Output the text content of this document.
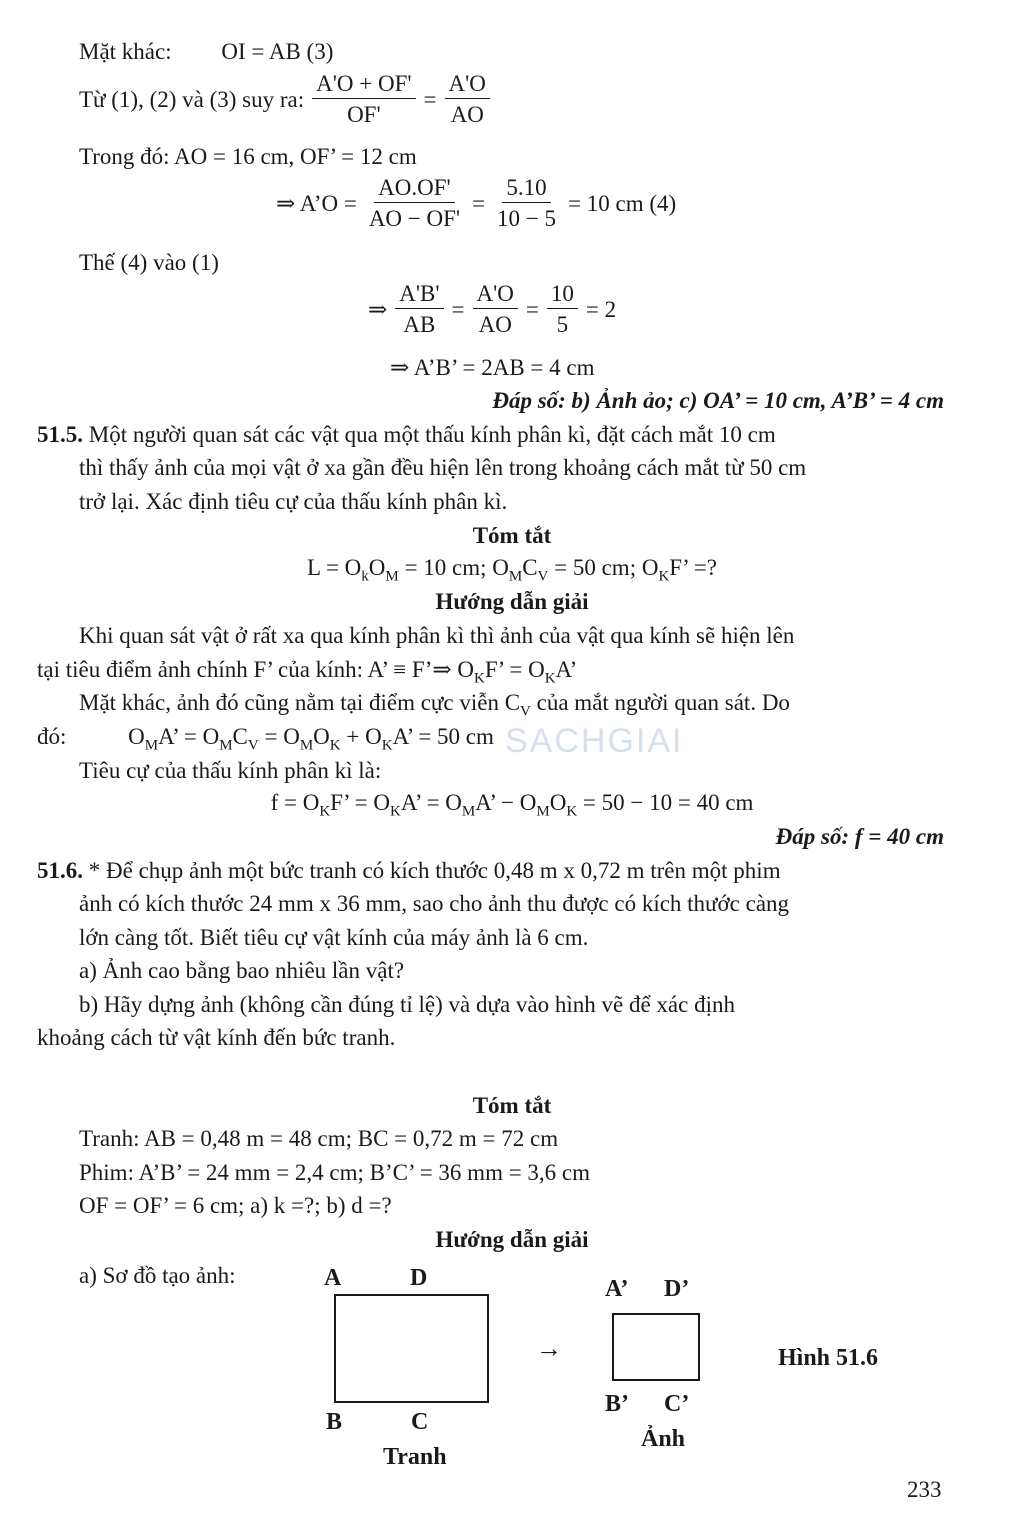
Mặt khác: OI = AB (3)
Từ (1), (2) và (3) suy ra: $\frac{A'O + OF'}{OF'} = \frac{A'O}{AO}$
Trong đó: AO = 16 cm, OF’ = 12 cm
⇒ A’O = $\frac{AO.OF'}{AO - OF'} = \frac{5.10}{10 - 5} = 10$ cm (4)
Thế (4) vào (1)
⇒ $\frac{A'B'}{AB} = \frac{A'O}{AO} = \frac{10}{5} = 2$
⇒ A’B’ = 2AB = 4 cm
Đáp số: b) Ảnh ảo; c) OA’ = 10 cm, A’B’ = 4 cm
51.5. Một người quan sát các vật qua một thấu kính phân kì, đặt cách mắt 10 cm
thì thấy ảnh của mọi vật ở xa gần đều hiện lên trong khoảng cách mắt từ 50 cm
trở lại. Xác định tiêu cự của thấu kính phân kì.
Tóm tắt
$L = O_kO_M = 10$ cm; $O_MC_V = 50$ cm; $O_KF$’ =?
Hướng dẫn giải
Khi quan sát vật ở rất xa qua kính phân kì thì ảnh của vật qua kính sẽ hiện lên
tại tiêu điểm ảnh chính F’ của kính: A’ ≡ F’⇒ $O_KF$’ = $O_KA$’
Mặt khác, ảnh đó cũng nằm tại điểm cực viễn $C_V$ của mắt người quan sát. Do
đó:	$O_MA$’ = $O_MC_V = O_MO_K + O_KA$’ = 50 cm SACHGIAI
Tiêu cự của thấu kính phân kì là:
$f = O_KF$’ = $O_KA$’ = $O_MA$’ − $O_MO_K = 50 - 10 = 40$ cm
Đáp số: f = 40 cm
51.6. * Để chụp ảnh một bức tranh có kích thước 0,48 m x 0,72 m trên một phim
ảnh có kích thước 24 mm x 36 mm, sao cho ảnh thu được có kích thước càng
lớn càng tốt. Biết tiêu cự vật kính của máy ảnh là 6 cm.
a) Ảnh cao bằng bao nhiêu lần vật?
b) Hãy dựng ảnh (không cần đúng tỉ lệ) và dựa vào hình vẽ để xác định
khoảng cách từ vật kính đến bức tranh.
Tóm tắt
Tranh: AB = 0,48 m = 48 cm; BC = 0,72 m = 72 cm
Phim: A’B’ = 24 mm = 2,4 cm; B’C’ = 36 mm = 3,6 cm
OF = OF’ = 6 cm; a) k =?; b) d =?
Hướng dẫn giải
a) Sơ đồ tạo ảnh:	A	D
B	C
Tranh
→
A’ D’
B’ C’
Ảnh
Hình 51.6
233
